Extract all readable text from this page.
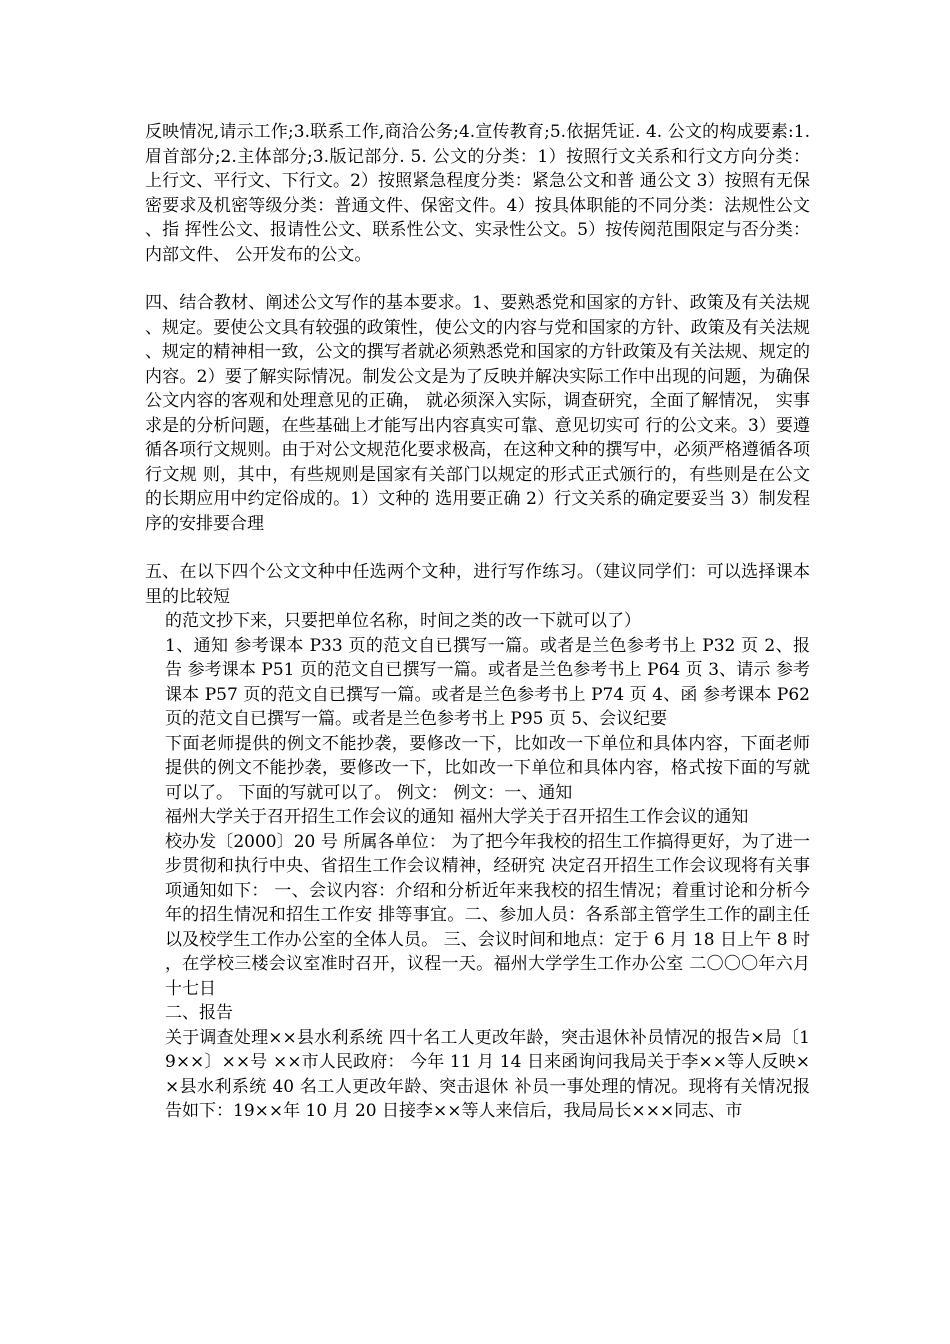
反映情况,请示工作;3.联系工作,商洽公务;4.宣传教育;5.依据凭证. 4. 公文的构成要素:1.眉首部分;2.主体部分;3.版记部分. 5. 公文的分类：1）按照行文关系和行文方向分类：上行文、平行文、下行文。2）按照紧急程度分类：紧急公文和普 通公文 3）按照有无保密要求及机密等级分类：普通文件、保密文件。4）按具体职能的不同分类：法规性公文、指 挥性公文、报请性公文、联系性公文、实录性公文。5）按传阅范围限定与否分类： 内部文件、 公开发布的公文。

四、结合教材、阐述公文写作的基本要求。1、要熟悉党和国家的方针、政策及有关法规、规定。要使公文具有较强的政策性，使公文的内容与党和国家的方针、政策及有关法规、规定的精神相一致，公文的撰写者就必须熟悉党和国家的方针政策及有关法规、规定的内容。2）要了解实际情况。制发公文是为了反映并解决实际工作中出现的问题，为确保公文内容的客观和处理意见的正确， 就必须深入实际，调查研究，全面了解情况， 实事求是的分析问题，在些基础上才能写出内容真实可靠、意见切实可 行的公文来。3）要遵循各项行文规则。由于对公文规范化要求极高，在这种文种的撰写中，必须严格遵循各项行文规 则，其中，有些规则是国家有关部门以规定的形式正式颁行的，有些则是在公文的长期应用中约定俗成的。1）文种的 选用要正确 2）行文关系的确定要妥当 3）制发程序的安排要合理

五、在以下四个公文文种中任选两个文种，进行写作练习。（建议同学们：可以选择课本里的比较短

的范文抄下来，只要把单位名称，时间之类的改一下就可以了）

1、通知 参考课本 P33 页的范文自已撰写一篇。或者是兰色参考书上 P32 页 2、报告 参考课本 P51 页的范文自已撰写一篇。或者是兰色参考书上 P64 页 3、请示 参考课本 P57 页的范文自已撰写一篇。或者是兰色参考书上 P74 页 4、函 参考课本 P62 页的范文自已撰写一篇。或者是兰色参考书上 P95 页 5、会议纪要

下面老师提供的例文不能抄袭，要修改一下，比如改一下单位和具体内容，下面老师提供的例文不能抄袭，要修改一下，比如改一下单位和具体内容，格式按下面的写就可以了。 下面的写就可以了。 例文： 例文：一、通知

福州大学关于召开招生工作会议的通知 福州大学关于召开招生工作会议的通知

校办发〔2000〕20 号 所属各单位： 为了把今年我校的招生工作搞得更好，为了进一步贯彻和执行中央、省招生工作会议精神，经研究 决定召开招生工作会议现将有关事项通知如下： 一、会议内容：介绍和分析近年来我校的招生情况；着重讨论和分析今年的招生情况和招生工作安 排等事宜。二、参加人员：各系部主管学生工作的副主任以及校学生工作办公室的全体人员。 三、会议时间和地点：定于 6 月 18 日上午 8 时 ，在学校三楼会议室准时召开，议程一天。福州大学学生工作办公室 二〇〇〇年六月十七日

二、报告

关于调查处理××县水利系统 四十名工人更改年龄，突击退休补员情况的报告×局〔19××〕××号 ××市人民政府： 今年 11 月 14 日来函询问我局关于李××等人反映××县水利系统 40 名工人更改年龄、突击退休 补员一事处理的情况。现将有关情况报告如下：19××年 10 月 20 日接李××等人来信后，我局局长×××同志、市
